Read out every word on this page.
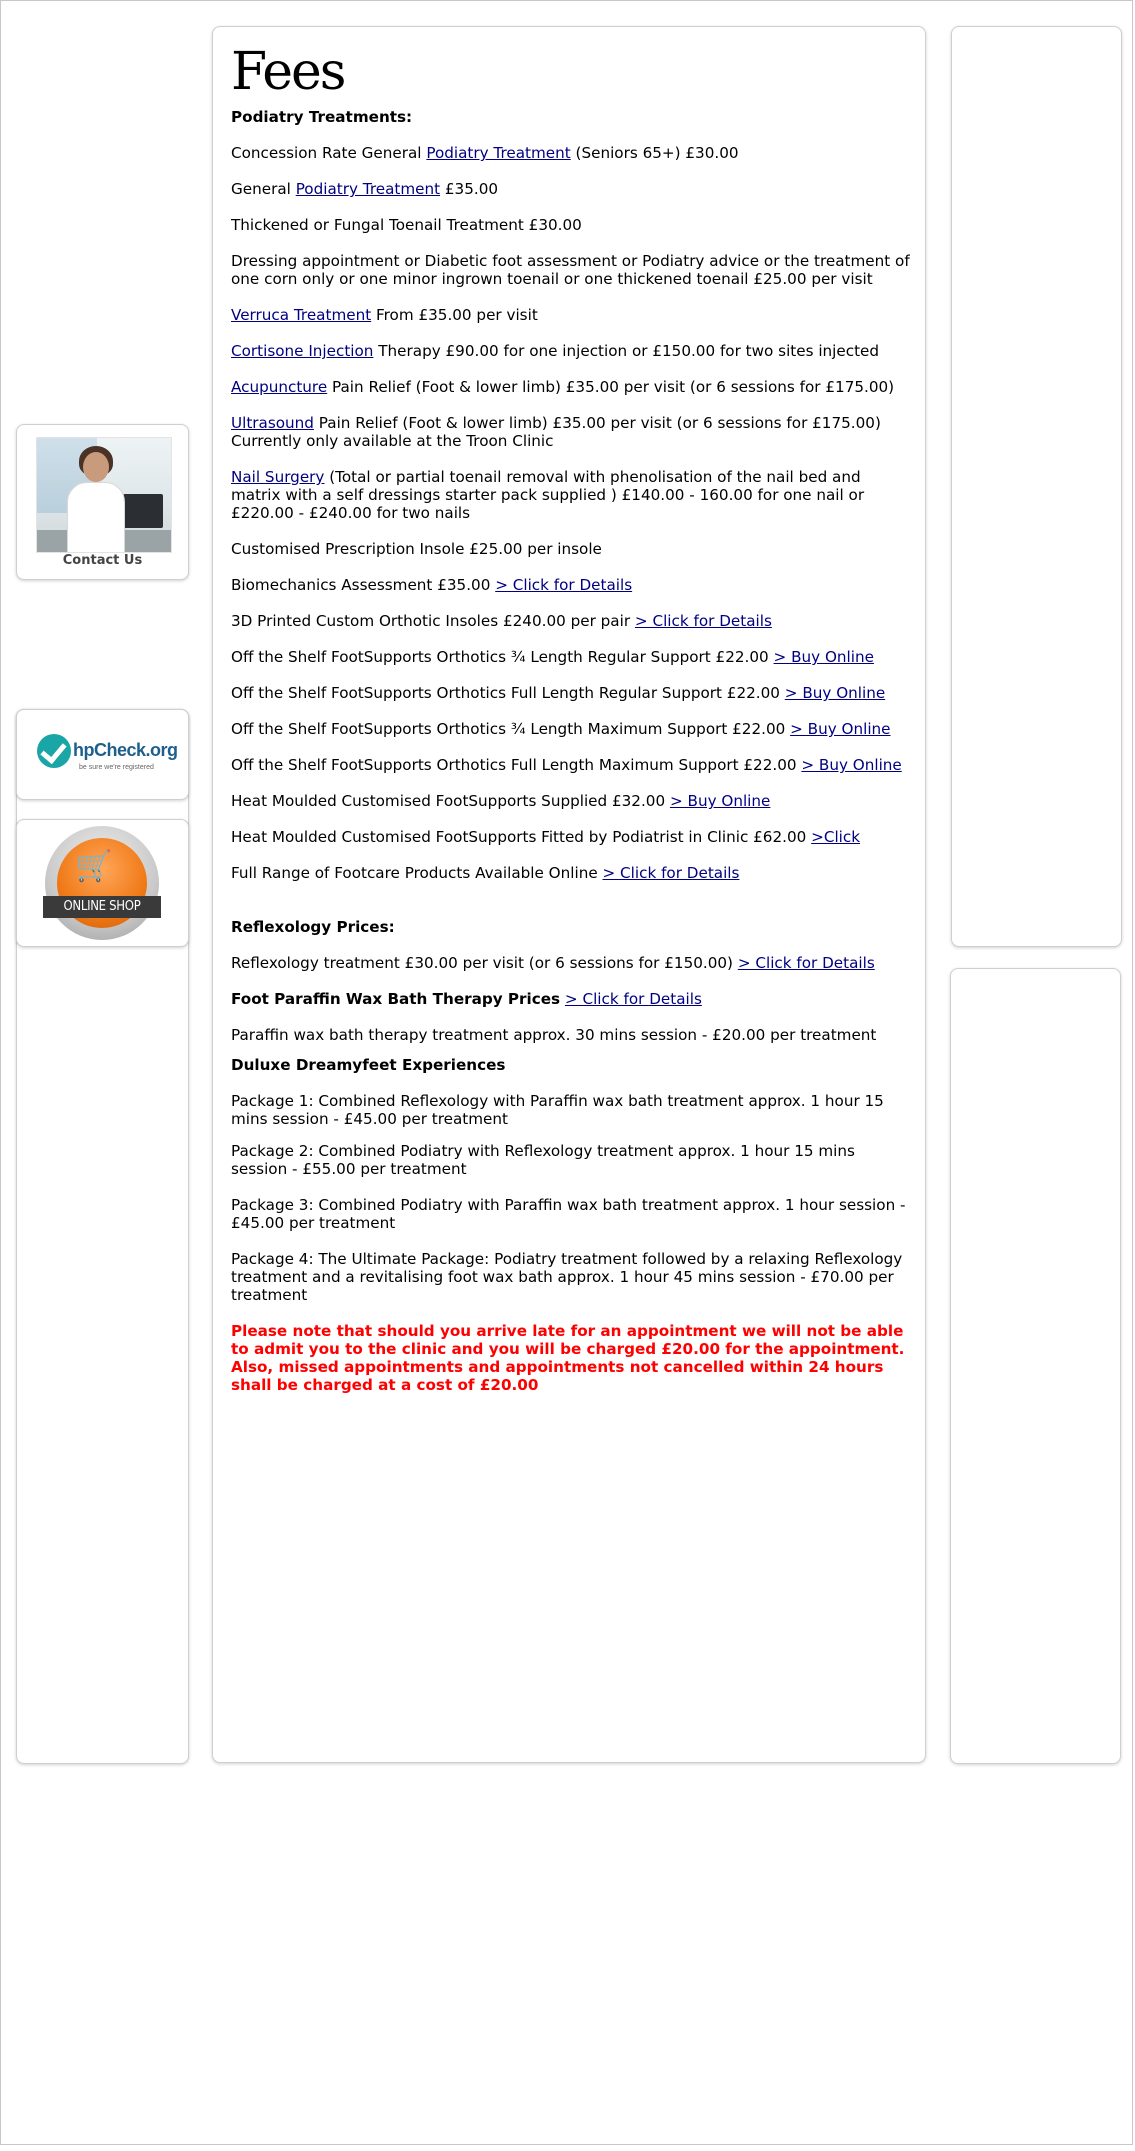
Contact Us
hpCheck.org
be sure we're registered
🛒
ONLINE SHOP
Fees

Podiatry Treatments:

Concession Rate General Podiatry Treatment (Seniors 65+) £30.00

General Podiatry Treatment £35.00

Thickened or Fungal Toenail Treatment £30.00

Dressing appointment or Diabetic foot assessment or Podiatry advice or the treatment of one corn only or one minor ingrown toenail or one thickened toenail £25.00 per visit

Verruca Treatment From £35.00 per visit

Cortisone Injection Therapy £90.00 for one injection or £150.00 for two sites injected

Acupuncture Pain Relief (Foot & lower limb) £35.00 per visit (or 6 sessions for £175.00)

Ultrasound Pain Relief (Foot & lower limb) £35.00 per visit (or 6 sessions for £175.00) Currently only available at the Troon Clinic

Nail Surgery (Total or partial toenail removal with phenolisation of the nail bed and matrix with a self dressings starter pack supplied ) £140.00 - 160.00 for one nail or £220.00 - £240.00 for two nails

Customised Prescription Insole £25.00 per insole

Biomechanics Assessment £35.00 > Click for Details

3D Printed Custom Orthotic Insoles £240.00 per pair > Click for Details

Off the Shelf FootSupports Orthotics ¾ Length Regular Support £22.00 > Buy Online

Off the Shelf FootSupports Orthotics Full Length Regular Support £22.00 > Buy Online

Off the Shelf FootSupports Orthotics ¾ Length Maximum Support £22.00 > Buy Online

Off the Shelf FootSupports Orthotics Full Length Maximum Support £22.00 > Buy Online

Heat Moulded Customised FootSupports Supplied £32.00 > Buy Online

Heat Moulded Customised FootSupports Fitted by Podiatrist in Clinic £62.00 >Click

Full Range of Footcare Products Available Online > Click for Details

Reflexology Prices:

Reflexology treatment £30.00 per visit (or 6 sessions for £150.00) > Click for Details

Foot Paraffin Wax Bath Therapy Prices > Click for Details

Paraffin wax bath therapy treatment approx. 30 mins session - £20.00 per treatment

Duluxe Dreamyfeet Experiences

Package 1: Combined Reflexology with Paraffin wax bath treatment approx. 1 hour 15 mins session - £45.00 per treatment

Package 2: Combined Podiatry with Reflexology treatment approx. 1 hour 15 mins session - £55.00 per treatment

Package 3: Combined Podiatry with Paraffin wax bath treatment approx. 1 hour session - £45.00 per treatment

Package 4: The Ultimate Package: Podiatry treatment followed by a relaxing Reflexology treatment and a revitalising foot wax bath approx. 1 hour 45 mins session - £70.00 per treatment

Please note that should you arrive late for an appointment we will not be able to admit you to the clinic and you will be charged £20.00 for the appointment. Also, missed appointments and appointments not cancelled within 24 hours shall be charged at a cost of £20.00
